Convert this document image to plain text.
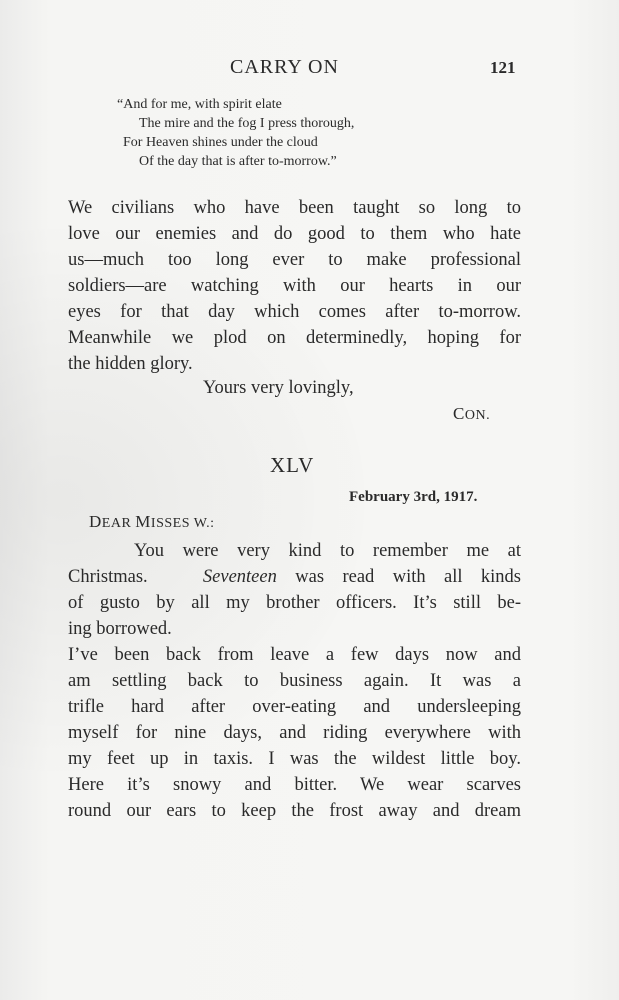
CARRY ON	121
“And for me, with spirit elate
The mire and the fog I press thorough,
For Heaven shines under the cloud
Of the day that is after to-morrow.”
We civilians who have been taught so long to
love our enemies and do good to them who hate
us—much too long ever to make professional
soldiers—are watching with our hearts in our
eyes for that day which comes after to-morrow.
Meanwhile we plod on determinedly, hoping for
the hidden glory.
Yours very lovingly,
CON.
XLV
February 3rd, 1917.
DEAR MISSES W.:
You were very kind to remember me at
Christmas.	Seventeen was read with all kinds
of gusto by all my brother officers. It’s still be-
ing borrowed.
I’ve been back from leave a few days now and
am settling back to business again. It was a
trifle hard after over-eating and undersleeping
myself for nine days, and riding everywhere with
my feet up in taxis. I was the wildest little boy.
Here it’s snowy and bitter. We wear scarves
round our ears to keep the frost away and dream
